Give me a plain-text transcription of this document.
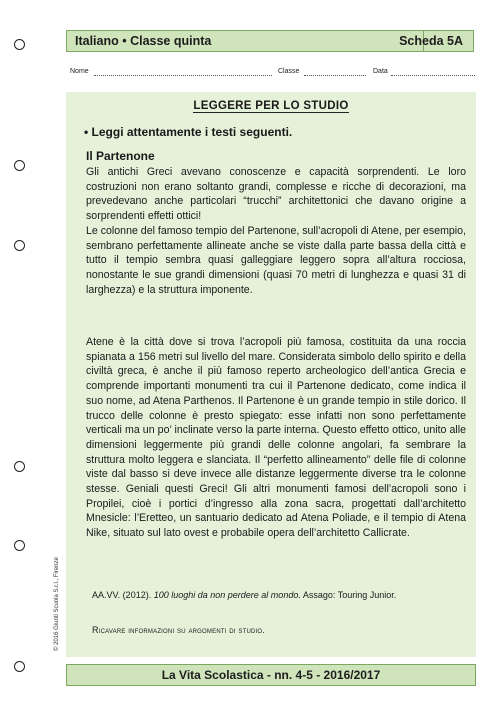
Italiano • Classe quinta	Scheda 5A
Nome	Classe	Data
LEGGERE PER LO STUDIO
• Leggi attentamente i testi seguenti.
Il Partenone

Gli antichi Greci avevano conoscenze e capacità sorprendenti. Le loro costruzioni non erano soltanto grandi, complesse e ricche di decorazioni, ma prevedevano anche particolari “trucchi” architettonici che davano origine a sorprendenti effetti ottici!

Le colonne del famoso tempio del Partenone, sull’acropoli di Atene, per esempio, sembrano perfettamente allineate anche se viste dalla parte bassa della città e tutto il tempio sembra quasi galleggiare leggero sopra all’altura rocciosa, nonostante le sue grandi dimensioni (quasi 70 metri di lunghezza e quasi 31 di larghezza) e la struttura imponente.

Atene è la città dove si trova l’acropoli più famosa, costituita da una roccia spianata a 156 metri sul livello del mare. Considerata simbolo dello spirito e della civiltà greca, è anche il più famoso reperto archeologico dell’antica Grecia e comprende importanti monumenti tra cui il Partenone dedicato, come indica il suo nome, ad Atena Parthenos. Il Partenone è un grande tempio in stile dorico. Il trucco delle colonne è presto spiegato: esse infatti non sono perfettamente verticali ma un po’ inclinate verso la parte interna. Questo effetto ottico, unito alle dimensioni leggermente più grandi delle colonne angolari, fa sembrare la struttura molto leggera e slanciata. Il “perfetto allineamento” delle file di colonne viste dal basso si deve invece alle distanze leggermente diverse tra le colonne stesse. Geniali questi Greci! Gli altri monumenti famosi dell’acropoli sono i Propilei, cioè i portici d’ingresso alla zona sacra, progettati dall’architetto Mnesicle: l’Eretteo, un santuario dedicato ad Atena Poliade, e il tempio di Atena Nike, situato sul lato ovest e probabile opera dell’architetto Callicrate.

AA.VV. (2012). 100 luoghi da non perdere al mondo. Assago: Touring Junior.
Ricavare informazioni su argomenti di studio.
© 2016 Giunti Scuola S.r.l., Firenze
La Vita Scolastica - nn. 4-5 - 2016/2017
